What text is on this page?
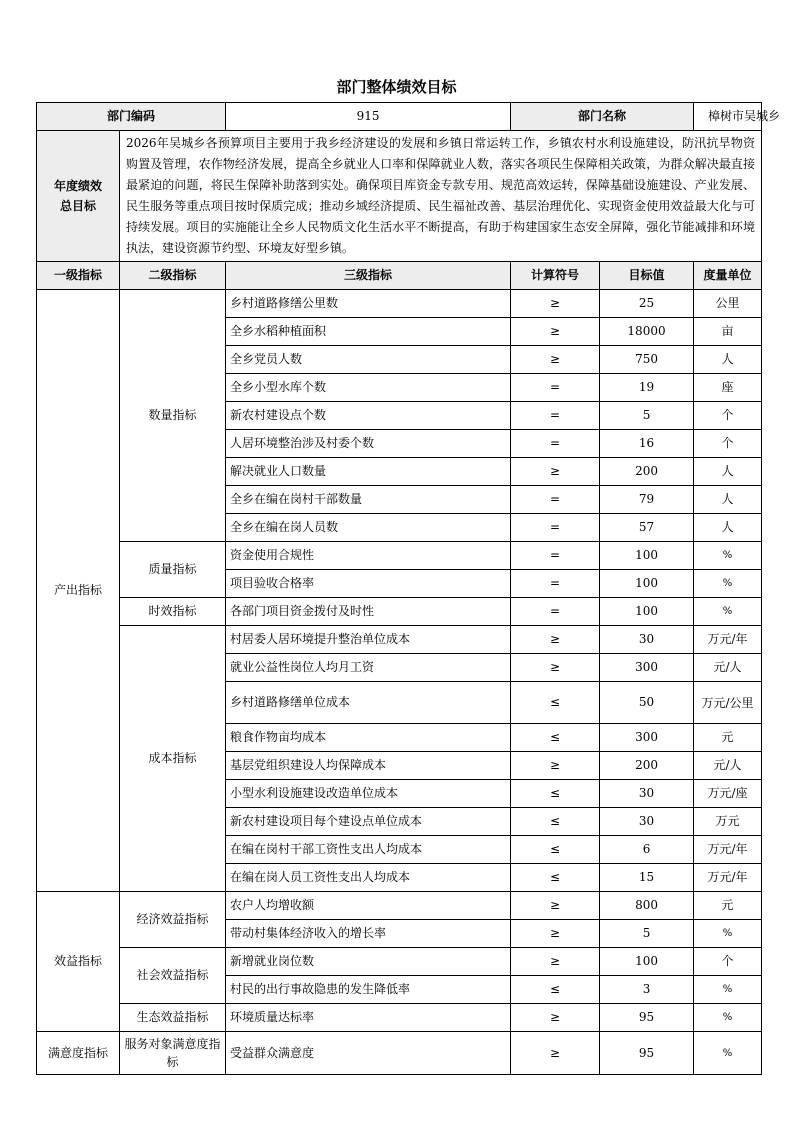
部门整体绩效目标
部门编码		915	部门名称		樟树市吴城乡
年度绩效总目标	2026年吴城乡各预算项目主要用于我乡经济建设的发展和乡镇日常运转工作，乡镇农村水利设施建设，防汛抗旱物资购置及管理，农作物经济发展，提高全乡就业人口率和保障就业人数，落实各项民生保障相关政策，为群众解决最直接最紧迫的问题，将民生保障补助落到实处。确保项目库资金专款专用、规范高效运转，保障基础设施建设、产业发展、民生服务等重点项目按时保质完成；推动乡域经济提质、民生福祉改善、基层治理优化、实现资金使用效益最大化与可持续发展。项目的实施能让全乡人民物质文化生活水平不断提高，有助于构建国家生态安全屏障，强化节能减排和环境执法，建设资源节约型、环境友好型乡镇。				
一级指标	二级指标	三级指标	计算符号	目标值	度量单位
产出指标	数量指标	乡村道路修缮公里数	≥	25	公里
		全乡水稻种植面积	≥	18000	亩
		全乡党员人数	≥	750	人
		全乡小型水库个数	=	19	座
		新农村建设点个数	=	5	个
		人居环境整治涉及村委个数	=	16	个
		解决就业人口数量	≥	200	人
		全乡在编在岗村干部数量	=	79	人
		全乡在编在岗人员数	=	57	人
	质量指标	资金使用合规性	=	100	%
		项目验收合格率	=	100	%
	时效指标	各部门项目资金拨付及时性	=	100	%
	成本指标	村居委人居环境提升整治单位成本	≥	30	万元/年
		就业公益性岗位人均月工资	≥	300	元/人
		乡村道路修缮单位成本	≤	50	万元/公里
		粮食作物亩均成本	≤	300	元
		基层党组织建设人均保障成本	≥	200	元/人
		小型水利设施建设改造单位成本	≤	30	万元/座
		新农村建设项目每个建设点单位成本	≤	30	万元
		在编在岗村干部工资性支出人均成本	≤	6	万元/年
		在编在岗人员工资性支出人均成本	≤	15	万元/年
效益指标	经济效益指标	农户人均增收额	≥	800	元
		带动村集体经济收入的增长率	≥	5	%
	社会效益指标	新增就业岗位数	≥	100	个
		村民的出行事故隐患的发生降低率	≤	3	%
	生态效益指标	环境质量达标率	≥	95	%
满意度指标	服务对象满意度指标	受益群众满意度	≥	95	%
